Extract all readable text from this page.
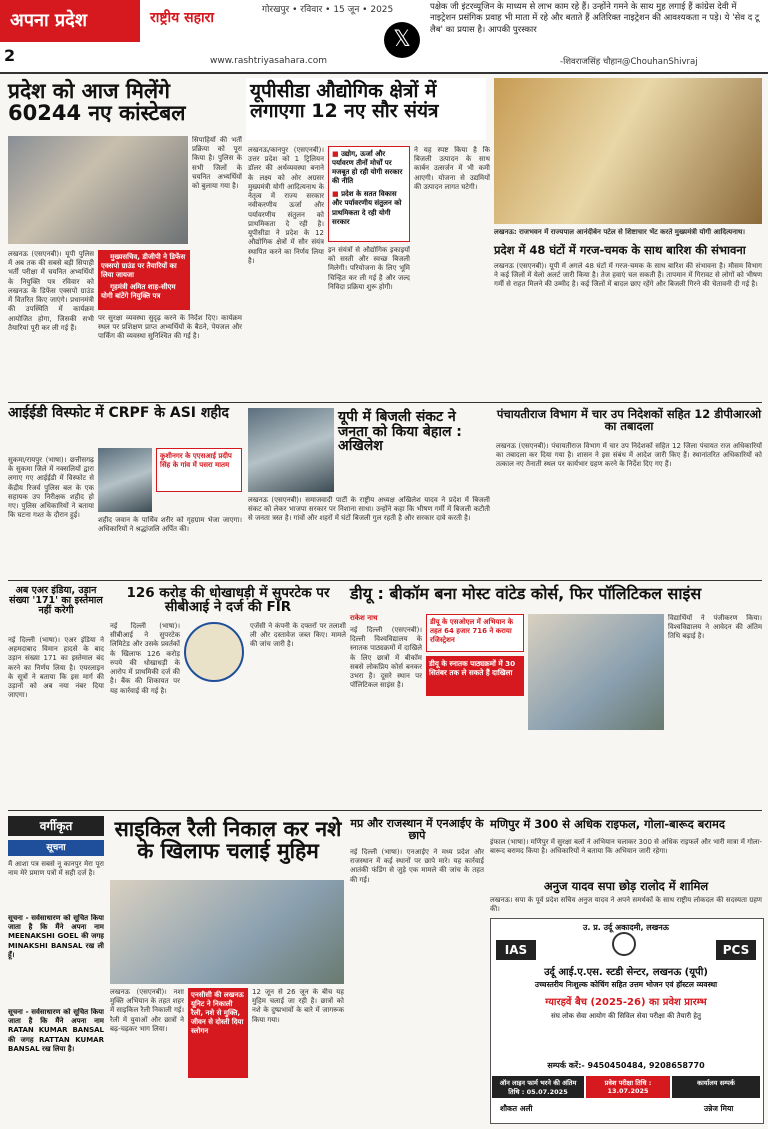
अपना प्रदेश
2
राष्ट्रीय सहारा	गोरखपुर • रविवार • 15 जून • 2025
www.rashtriyasahara.com
𝕏
पक्षेक जी इंटरव्यूजिन के माध्यम से लाभ काम रहे हैं। उन्होंने गमने के साथ मुह लगाई हैं कांग्रेस देवी में नाइट्रेशन प्रसंगिक प्रवाह भी माता में रहे और बताते हैं अतिरिक्त नाइट्रेशन की आवश्यकता न पड़े। ये 'सेव द टू लैब' का प्रयास है। आपकी पुरस्कार
-शिवराजसिंह चौहान@ChouhanShivraj
प्रदेश को आज मिलेंगे 60244 नए कांस्टेबल
सिपाहियों की भर्ती प्रक्रिया को पूरा किया है। पुलिस के सभी जिलों के चयनित अभ्यर्थियों को बुलाया गया है।
लखनऊ (एसएनबी)। यूपी पुलिस में अब तक की सबसे बड़ी सिपाही भर्ती परीक्षा में चयनित अभ्यर्थियों के नियुक्ति पत्र रविवार को लखनऊ के डिफेंस एक्सपो ग्राउंड में वितरित किए जाएंगे। प्रधानमंत्री की उपस्थिति में कार्यक्रम आयोजित होगा, जिसकी सभी तैयारियां पूरी कर ली गई हैं।
■ मुख्यसचिव, डीजीपी ने डिफेंस एक्सपो ग्राउंड पर तैयारियों का लिया जायजा
■ गृहमंत्री अमित शाह-सीएम योगी बांटेंगे नियुक्ति पत्र
पर सुरक्षा व्यवस्था सुदृढ़ करने के निर्देश दिए। कार्यक्रम स्थल पर प्रशिक्षण प्राप्त अभ्यर्थियों के बैठने, पेयजल और पार्किंग की व्यवस्था सुनिश्चित की गई है।
यूपीसीडा औद्योगिक क्षेत्रों में लगाएगा 12 नए सौर संयंत्र
लखनऊ/कानपुर (एसएनबी)। उत्तर प्रदेश को 1 ट्रिलियन डॉलर की अर्थव्यवस्था बनाने के लक्ष्य को ओर अग्रसर मुख्यमंत्री योगी आदित्यनाथ के नेतृत्व में राज्य सरकार नवीकरणीय ऊर्जा और पर्यावरणीय संतुलन को प्राथमिकता दे रही है। यूपीसीडा ने प्रदेश के 12 औद्योगिक क्षेत्रों में सौर संयंत्र स्थापित करने का निर्णय लिया है।
■ उद्योग, ऊर्जा और पर्यावरण तीनों मोर्चों पर मजबूत हो रही योगी सरकार की नीति
■ प्रदेश के सतत विकास और पर्यावरणीय संतुलन को प्राथमिकता दे रही योगी सरकार
इन संयंत्रों से औद्योगिक इकाइयों को सस्ती और स्वच्छ बिजली मिलेगी। परियोजना के लिए भूमि चिन्हित कर ली गई है और जल्द निविदा प्रक्रिया शुरू होगी।
ने यह स्पष्ट किया है कि बिजली उत्पादन के साथ कार्बन उत्सर्जन में भी कमी आएगी। योजना से उद्यमियों की उत्पादन लागत घटेगी।
लखनऊ: राजभवन में राज्यपाल आनंदीबेन पटेल से शिष्टाचार भेंट करते मुख्यमंत्री योगी आदित्यनाथ।
प्रदेश में 48 घंटों में गरज-चमक के साथ बारिश की संभावना
लखनऊ (एसएनबी)। यूपी में अगले 48 घंटों में गरज-चमक के साथ बारिश की संभावना है। मौसम विभाग ने कई जिलों में येलो अलर्ट जारी किया है। तेज हवाएं चल सकती हैं। तापमान में गिरावट से लोगों को भीषण गर्मी से राहत मिलने की उम्मीद है। कई जिलों में बादल छाए रहेंगे और बिजली गिरने की चेतावनी दी गई है।
आईईडी विस्फोट में CRPF के ASI शहीद
सुकमा/रायपुर (भाषा)। छत्तीसगढ़ के सुकमा जिले में नक्सलियों द्वारा लगाए गए आईईडी में विस्फोट से केंद्रीय रिजर्व पुलिस बल के एक सहायक उप निरीक्षक शहीद हो गए। पुलिस अधिकारियों ने बताया कि घटना गश्त के दौरान हुई।
कुशीनगर के एएसआई प्रदीप सिंह के गांव में पसरा मातम
शहीद जवान के पार्थिव शरीर को गृहग्राम भेजा जाएगा। अधिकारियों ने श्रद्धांजलि अर्पित की।
यूपी में बिजली संकट ने जनता को किया बेहाल : अखिलेश
लखनऊ (एसएनबी)। समाजवादी पार्टी के राष्ट्रीय अध्यक्ष अखिलेश यादव ने प्रदेश में बिजली संकट को लेकर भाजपा सरकार पर निशाना साधा। उन्होंने कहा कि भीषण गर्मी में बिजली कटौती से जनता त्रस्त है। गांवों और शहरों में घंटों बिजली गुल रहती है और सरकार दावे करती है।
पंचायतीराज विभाग में चार उप निदेशकों सहित 12 डीपीआरओ का तबादला
लखनऊ (एसएनबी)। पंचायतीराज विभाग में चार उप निदेशकों सहित 12 जिला पंचायत राज अधिकारियों का तबादला कर दिया गया है। शासन ने इस संबंध में आदेश जारी किए हैं। स्थानांतरित अधिकारियों को तत्काल नए तैनाती स्थल पर कार्यभार ग्रहण करने के निर्देश दिए गए हैं।
अब एअर इंडिया, उड़ान संख्या '171' का इस्तेमाल नहीं करेगी
नई दिल्ली (भाषा)। एअर इंडिया ने अहमदाबाद विमान हादसे के बाद उड़ान संख्या 171 का इस्तेमाल बंद करने का निर्णय लिया है। एयरलाइन के सूत्रों ने बताया कि इस मार्ग की उड़ानों को अब नया नंबर दिया जाएगा।
126 करोड़ की धोखाधड़ी में सुपरटेक पर सीबीआई ने दर्ज की FIR
नई दिल्ली (भाषा)। सीबीआई ने सुपरटेक लिमिटेड और उसके प्रवर्तकों के खिलाफ 126 करोड़ रुपये की धोखाधड़ी के आरोप में प्राथमिकी दर्ज की है। बैंक की शिकायत पर यह कार्रवाई की गई है।
एजेंसी ने कंपनी के दफ्तरों पर तलाशी ली और दस्तावेज जब्त किए। मामले की जांच जारी है।
डीयू : बीकॉम बना मोस्ट वांटेड कोर्स, फिर पॉलिटिकल साइंस
राकेश नाथ
नई दिल्ली (एसएनबी)। दिल्ली विश्वविद्यालय के स्नातक पाठ्यक्रमों में दाखिले के लिए छात्रों में बीकॉम सबसे लोकप्रिय कोर्स बनकर उभरा है। दूसरे स्थान पर पॉलिटिकल साइंस है।
डीयू के एसओएल में अभियान के तहत 64 हजार 716 ने कराया रजिस्ट्रेशन
डीयू के स्नातक पाठ्यक्रमों में 30 सितंबर तक ले सकते हैं दाखिला
विद्यार्थियों ने पंजीकरण किया। विश्वविद्यालय ने आवेदन की अंतिम तिथि बढ़ाई है।
वर्गीकृत
सूचना
मैं आशा पत्र सबसे नू कानपुर मेरा पूरा नाम मेरे प्रमाण पत्रों में सही दर्ज है।
सूचना - सर्वसाधारण को सूचित किया जाता है कि मैंने अपना नाम MEENAKSHI GOEL की जगह MINAKSHI BANSAL रख ली हूँ।
सूचना - सर्वसाधारण को सूचित किया जाता है कि मैंने अपना नाम RATAN KUMAR BANSAL की जगह RATTAN KUMAR BANSAL रख लिया है।
साइकिल रैली निकाल कर नशे के खिलाफ चलाई मुहिम
लखनऊ (एसएनबी)। नशा मुक्ति अभियान के तहत शहर में साइकिल रैली निकाली गई। रैली में युवाओं और छात्रों ने बढ़-चढ़कर भाग लिया।
एनसीसी की लखनऊ यूनिट ने निकाली रैली, नशे से मुक्ति, जीवन से दोस्ती दिया स्लोगन
12 जून से 26 जून के बीच यह मुहिम चलाई जा रही है। छात्रों को नशे के दुष्प्रभावों के बारे में जागरूक किया गया।
मप्र और राजस्थान में एनआईए के छापे
नई दिल्ली (भाषा)। एनआईए ने मध्य प्रदेश और राजस्थान में कई स्थानों पर छापे मारे। यह कार्रवाई आतंकी फंडिंग से जुड़े एक मामले की जांच के तहत की गई।
मणिपुर में 300 से अधिक राइफल, गोला-बारूद बरामद
इंफाल (भाषा)। मणिपुर में सुरक्षा बलों ने अभियान चलाकर 300 से अधिक राइफलें और भारी मात्रा में गोला-बारूद बरामद किया है। अधिकारियों ने बताया कि अभियान जारी रहेगा।
अनुज यादव सपा छोड़ रालोद में शामिल
लखनऊ। सपा के पूर्व प्रदेश सचिव अनुज यादव ने अपने समर्थकों के साथ राष्ट्रीय लोकदल की सदस्यता ग्रहण की।
उ. प्र. उर्दू अकादमी, लखनऊ
IAS	PCS
उर्दू आई.ए.एस. स्टडी सेन्टर, लखनऊ (यूपी)
उच्चस्तरीय निःशुल्क कोचिंग सहित उत्तम भोजन एवं हॉस्टल व्यवस्था
ग्यारहवें बैच (2025-26) का प्रवेश प्रारम्भ
संघ लोक सेवा आयोग की सिविल सेवा परीक्षा की तैयारी हेतु
सम्पर्क करें:- 9450450484, 9208658770
ऑन लाइन फार्म भरने की अंतिम तिथि : 05.07.2025
प्रवेश परीक्षा तिथि : 13.07.2025
कार्यालय सम्पर्क
शौकत अली	उन्नेज मिया
